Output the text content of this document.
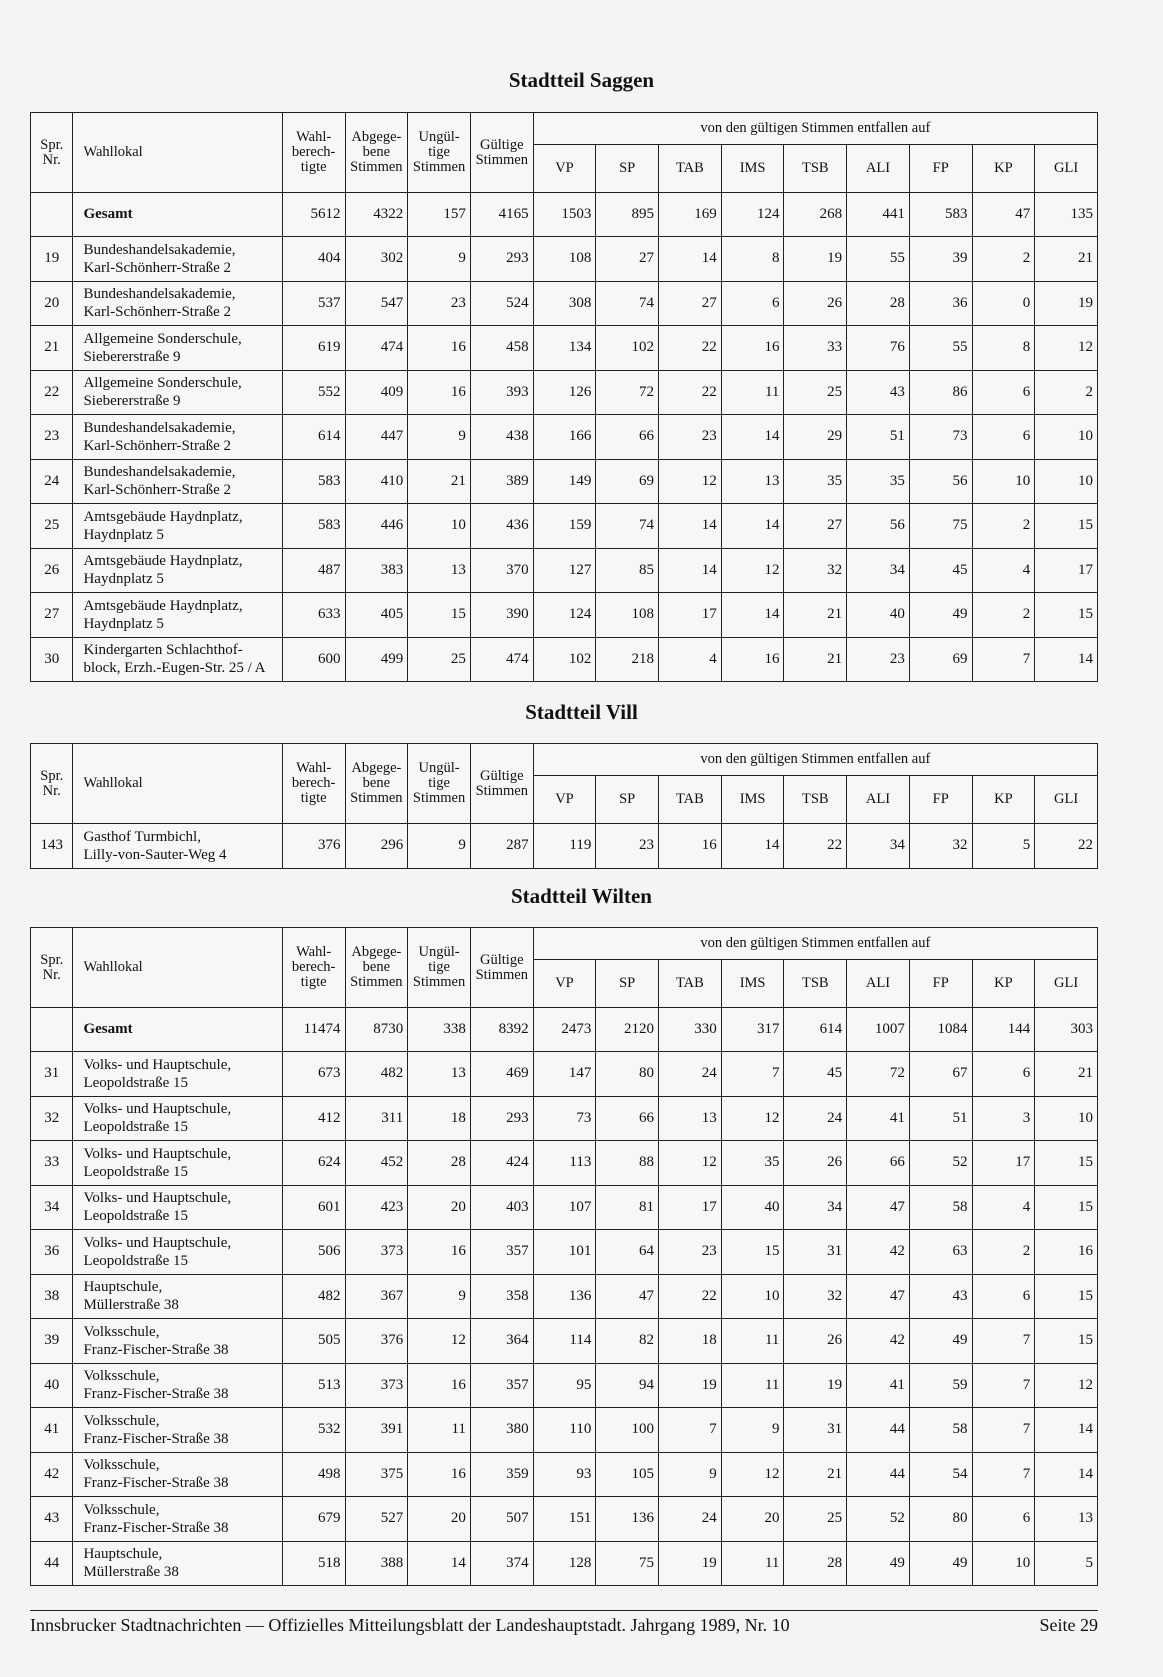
Stadtteil Saggen
Spr.
Nr.	Wahllokal	Wahl-
berech-
tigte	Abgege-
bene
Stimmen	Ungül-
tige
Stimmen	Gültige
Stimmen	von den gültigen Stimmen entfallen auf								
						VP	SP	TAB	IMS	TSB	ALI	FP	KP	GLI
	Gesamt	5612	4322	157	4165	1503	895	169	124	268	441	583	47	135
19	Bundeshandelsakademie,
Karl-Schönherr-Straße 2	404	302	9	293	108	27	14	8	19	55	39	2	21
20	Bundeshandelsakademie,
Karl-Schönherr-Straße 2	537	547	23	524	308	74	27	6	26	28	36	0	19
21	Allgemeine Sonderschule,
Siebererstraße 9	619	474	16	458	134	102	22	16	33	76	55	8	12
22	Allgemeine Sonderschule,
Siebererstraße 9	552	409	16	393	126	72	22	11	25	43	86	6	2
23	Bundeshandelsakademie,
Karl-Schönherr-Straße 2	614	447	9	438	166	66	23	14	29	51	73	6	10
24	Bundeshandelsakademie,
Karl-Schönherr-Straße 2	583	410	21	389	149	69	12	13	35	35	56	10	10
25	Amtsgebäude Haydnplatz,
Haydnplatz 5	583	446	10	436	159	74	14	14	27	56	75	2	15
26	Amtsgebäude Haydnplatz,
Haydnplatz 5	487	383	13	370	127	85	14	12	32	34	45	4	17
27	Amtsgebäude Haydnplatz,
Haydnplatz 5	633	405	15	390	124	108	17	14	21	40	49	2	15
30	Kindergarten Schlachthof-
block, Erzh.-Eugen-Str. 25 / A	600	499	25	474	102	218	4	16	21	23	69	7	14
Stadtteil Vill
Spr.
Nr.	Wahllokal	Wahl-
berech-
tigte	Abgege-
bene
Stimmen	Ungül-
tige
Stimmen	Gültige
Stimmen	von den gültigen Stimmen entfallen auf								
						VP	SP	TAB	IMS	TSB	ALI	FP	KP	GLI
143	Gasthof Turmbichl,
Lilly-von-Sauter-Weg 4	376	296	9	287	119	23	16	14	22	34	32	5	22
Stadtteil Wilten
Spr.
Nr.	Wahllokal	Wahl-
berech-
tigte	Abgege-
bene
Stimmen	Ungül-
tige
Stimmen	Gültige
Stimmen	von den gültigen Stimmen entfallen auf								
						VP	SP	TAB	IMS	TSB	ALI	FP	KP	GLI
	Gesamt	11474	8730	338	8392	2473	2120	330	317	614	1007	1084	144	303
31	Volks- und Hauptschule,
Leopoldstraße 15	673	482	13	469	147	80	24	7	45	72	67	6	21
32	Volks- und Hauptschule,
Leopoldstraße 15	412	311	18	293	73	66	13	12	24	41	51	3	10
33	Volks- und Hauptschule,
Leopoldstraße 15	624	452	28	424	113	88	12	35	26	66	52	17	15
34	Volks- und Hauptschule,
Leopoldstraße 15	601	423	20	403	107	81	17	40	34	47	58	4	15
36	Volks- und Hauptschule,
Leopoldstraße 15	506	373	16	357	101	64	23	15	31	42	63	2	16
38	Hauptschule,
Müllerstraße 38	482	367	9	358	136	47	22	10	32	47	43	6	15
39	Volksschule,
Franz-Fischer-Straße 38	505	376	12	364	114	82	18	11	26	42	49	7	15
40	Volksschule,
Franz-Fischer-Straße 38	513	373	16	357	95	94	19	11	19	41	59	7	12
41	Volksschule,
Franz-Fischer-Straße 38	532	391	11	380	110	100	7	9	31	44	58	7	14
42	Volksschule,
Franz-Fischer-Straße 38	498	375	16	359	93	105	9	12	21	44	54	7	14
43	Volksschule,
Franz-Fischer-Straße 38	679	527	20	507	151	136	24	20	25	52	80	6	13
44	Hauptschule,
Müllerstraße 38	518	388	14	374	128	75	19	11	28	49	49	10	5
Innsbrucker Stadtnachrichten — Offizielles Mitteilungsblatt der Landeshauptstadt. Jahrgang 1989, Nr. 10	Seite 29
